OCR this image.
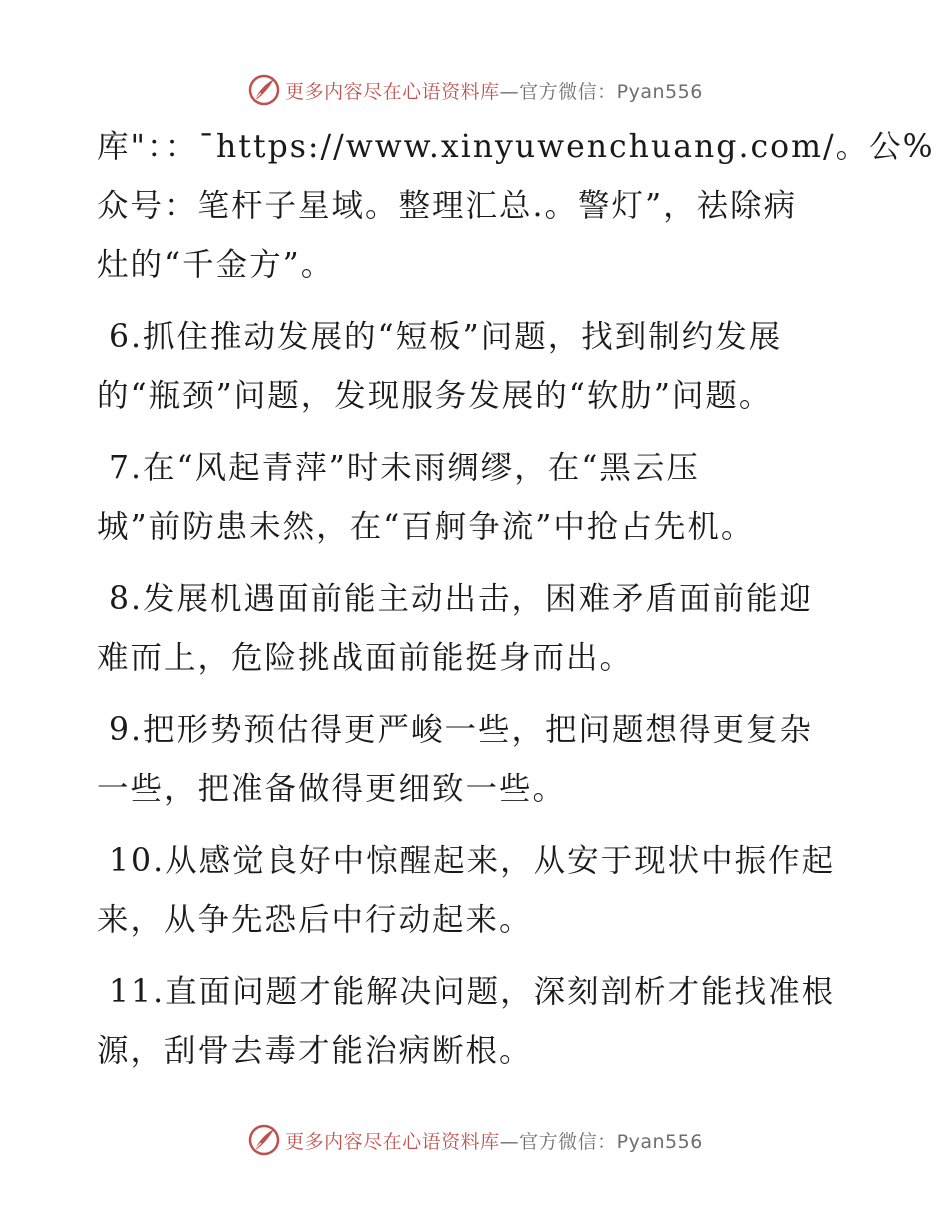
更多内容尽在心语资料库 —官方微信：Pyan556
库"：：¯https://www.xinyuwenchuang.com/。公%
众号：笔杆子星域。整理汇总.。警灯”，祛除病
灶的“千金方”。
6.抓住推动发展的“短板”问题，找到制约发展
的“瓶颈”问题，发现服务发展的“软肋”问题。
7.在“风起青萍”时未雨绸缪，在“黑云压
城”前防患未然，在“百舸争流”中抢占先机。
8.发展机遇面前能主动出击，困难矛盾面前能迎
难而上，危险挑战面前能挺身而出。
9.把形势预估得更严峻一些，把问题想得更复杂
一些，把准备做得更细致一些。
10.从感觉良好中惊醒起来，从安于现状中振作起
来，从争先恐后中行动起来。
11.直面问题才能解决问题，深刻剖析才能找准根
源，刮骨去毒才能治病断根。
更多内容尽在心语资料库 —官方微信：Pyan556
